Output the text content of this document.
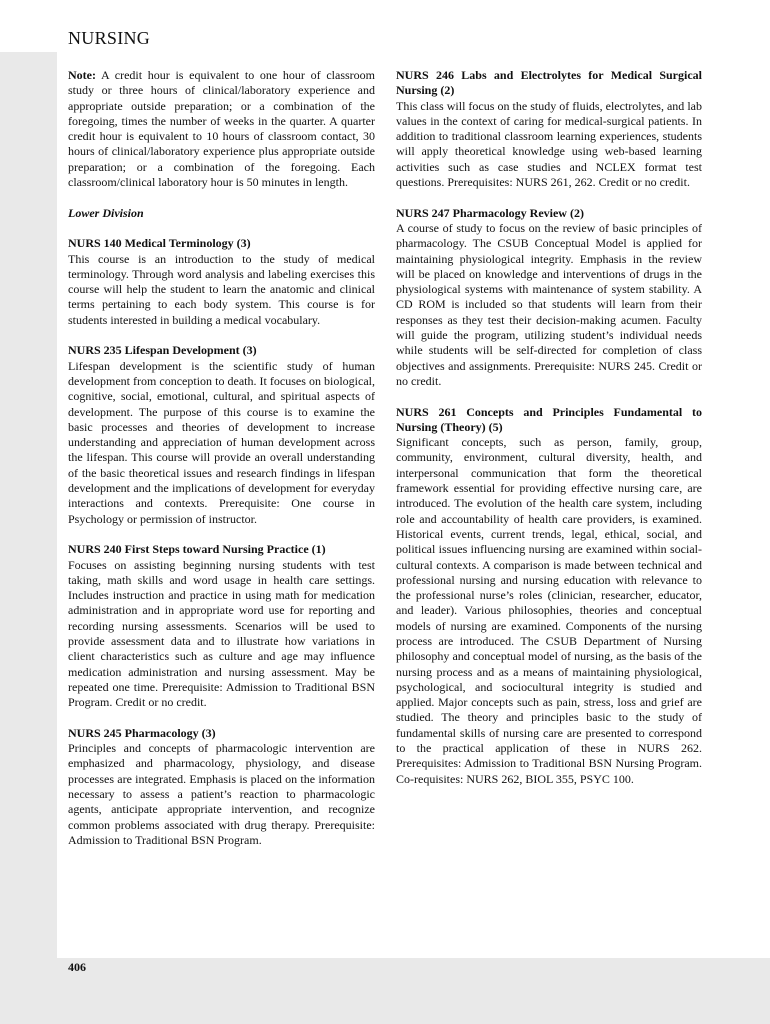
NURSING

Note: A credit hour is equivalent to one hour of classroom study or three hours of clinical/laboratory experience and appropriate outside preparation; or a combination of the foregoing, times the number of weeks in the quarter. A quarter credit hour is equivalent to 10 hours of classroom contact, 30 hours of clinical/laboratory experience plus appropriate outside preparation; or a combination of the foregoing. Each classroom/clinical laboratory hour is 50 minutes in length.

Lower Division

NURS 140 Medical Terminology (3)
This course is an introduction to the study of medical terminology. Through word analysis and labeling exercises this course will help the student to learn the anatomic and clinical terms pertaining to each body system. This course is for students interested in building a medical vocabulary.
NURS 235 Lifespan Development (3)
Lifespan development is the scientific study of human development from conception to death. It focuses on biological, cognitive, social, emotional, cultural, and spiritual aspects of development. The purpose of this course is to examine the basic processes and theories of development to increase understanding and appreciation of human development across the lifespan. This course will provide an overall understanding of the basic theoretical issues and research findings in lifespan development and the implications of development for everyday interactions and contexts. Prerequisite: One course in Psychology or permission of instructor.
NURS 240 First Steps toward Nursing Practice (1)
Focuses on assisting beginning nursing students with test taking, math skills and word usage in health care settings. Includes instruction and practice in using math for medication administration and in appropriate word use for reporting and recording nursing assessments. Scenarios will be used to provide assessment data and to illustrate how variations in client characteristics such as culture and age may influence medication administration and nursing assessment. May be repeated one time. Prerequisite: Admission to Traditional BSN Program. Credit or no credit.
NURS 245 Pharmacology (3)
Principles and concepts of pharmacologic intervention are emphasized and pharmacology, physiology, and disease processes are integrated. Emphasis is placed on the information necessary to assess a patient’s reaction to pharmacologic agents, anticipate appropriate intervention, and recognize common problems associated with drug therapy. Prerequisite: Admission to Traditional BSN Program.
NURS 246 Labs and Electrolytes for Medical Surgical Nursing (2)
This class will focus on the study of fluids, electrolytes, and lab values in the context of caring for medical-surgical patients. In addition to traditional classroom learning experiences, students will apply theoretical knowledge using web-based learning activities such as case studies and NCLEX format test questions. Prerequisites: NURS 261, 262. Credit or no credit.
NURS 247 Pharmacology Review (2)
A course of study to focus on the review of basic principles of pharmacology. The CSUB Conceptual Model is applied for maintaining physiological integrity. Emphasis in the review will be placed on knowledge and interventions of drugs in the physiological systems with maintenance of system stability. A CD ROM is included so that students will learn from their responses as they test their decision-making acumen. Faculty will guide the program, utilizing student’s individual needs while students will be self-directed for completion of class objectives and assignments. Prerequisite: NURS 245. Credit or no credit.
NURS 261 Concepts and Principles Fundamental to Nursing (Theory) (5)
Significant concepts, such as person, family, group, community, environment, cultural diversity, health, and interpersonal communication that form the theoretical framework essential for providing effective nursing care, are introduced. The evolution of the health care system, including role and accountability of health care providers, is examined. Historical events, current trends, legal, ethical, social, and political issues influencing nursing are examined within social-cultural contexts. A comparison is made between technical and professional nursing and nursing education with relevance to the professional nurse’s roles (clinician, researcher, educator, and leader). Various philosophies, theories and conceptual models of nursing are examined. Components of the nursing process are introduced. The CSUB Department of Nursing philosophy and conceptual model of nursing, as the basis of the nursing process and as a means of maintaining physiological, psychological, and sociocultural integrity is studied and applied. Major concepts such as pain, stress, loss and grief are studied. The theory and principles basic to the study of fundamental skills of nursing care are presented to correspond to the practical application of these in NURS 262. Prerequisites: Admission to Traditional BSN Nursing Program. Co-requisites: NURS 262, BIOL 355, PSYC 100.
406
